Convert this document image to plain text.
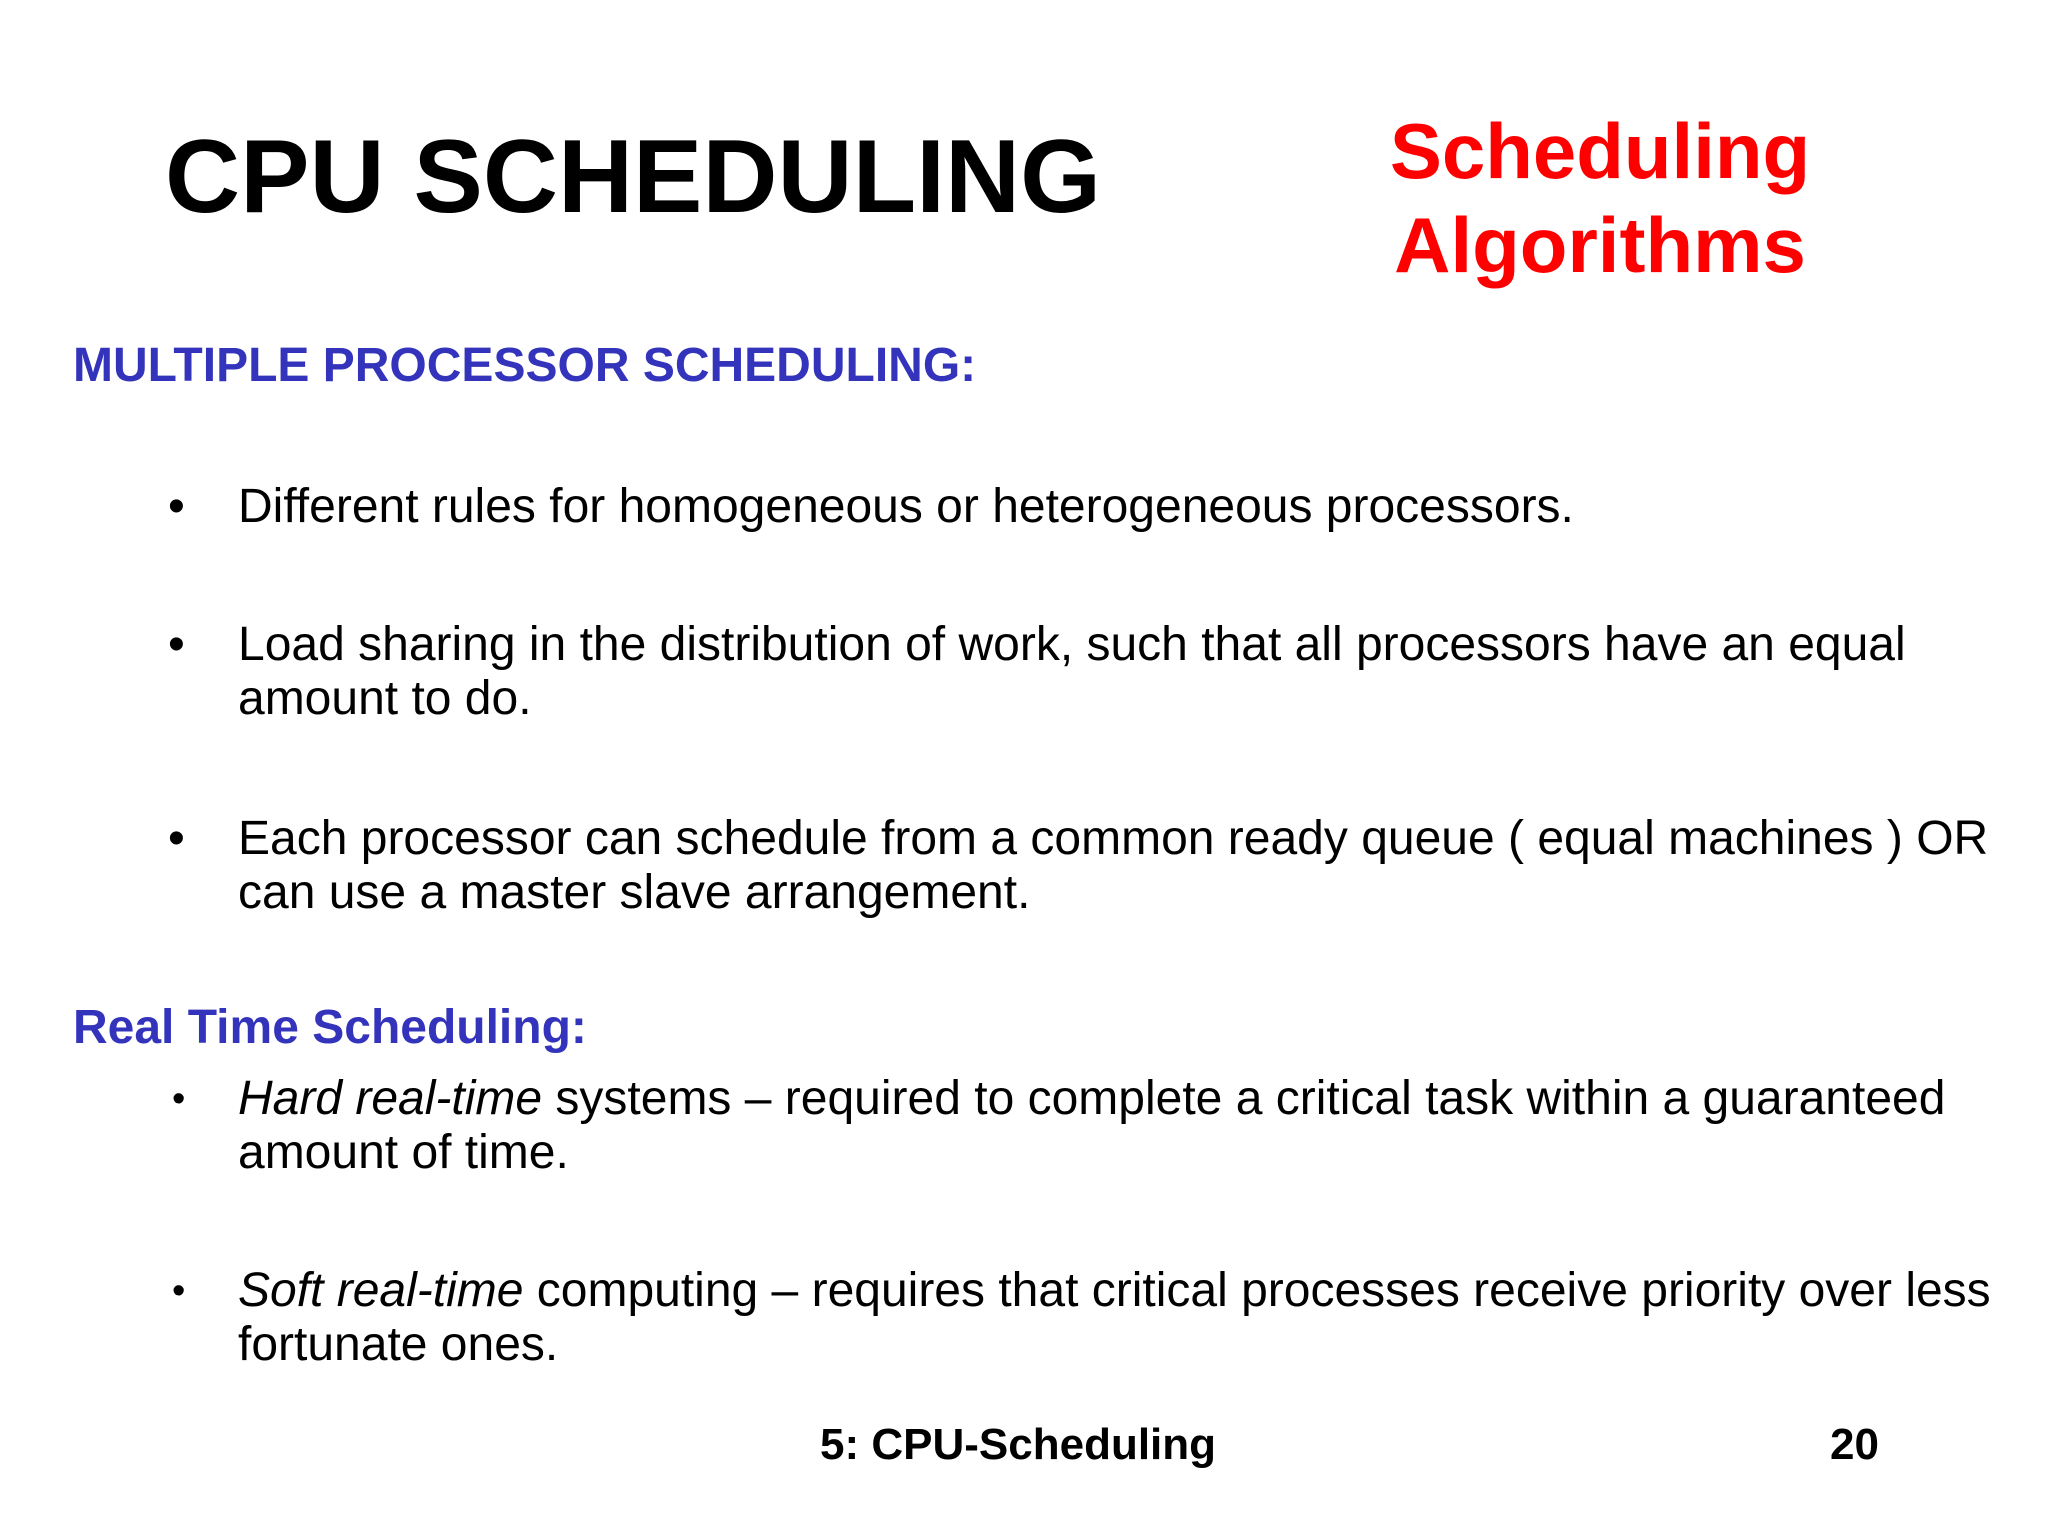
CPU SCHEDULING	Scheduling
Algorithms
MULTIPLE PROCESSOR SCHEDULING:
• Different rules for homogeneous or heterogeneous processors.
• Load sharing in the distribution of work, such that all processors have an equal amount to do.
• Each processor can schedule from a common ready queue ( equal machines ) OR can use a master slave arrangement.
Real Time Scheduling:
• Hard real-time systems – required to complete a critical task within a guaranteed amount of time.
• Soft real-time computing – requires that critical processes receive priority over less fortunate ones.
5: CPU-Scheduling	20
